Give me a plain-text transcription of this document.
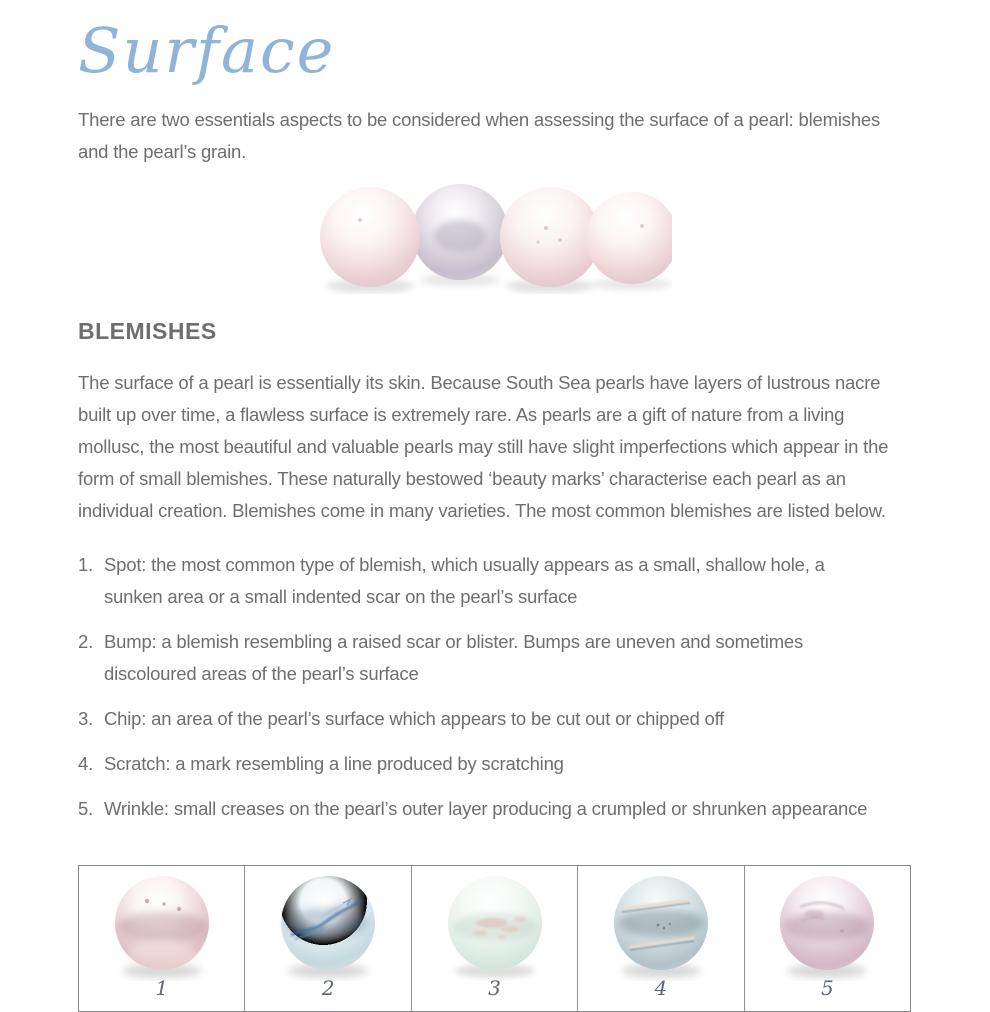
Surface
There are two essentials aspects to be considered when assessing the surface of a pearl: blemishes and the pearl’s grain.
BLEMISHES
The surface of a pearl is essentially its skin. Because South Sea pearls have layers of lustrous nacre built up over time, a flawless surface is extremely rare. As pearls are a gift of nature from a living mollusc, the most beautiful and valuable pearls may still have slight imperfections which appear in the form of small blemishes. These naturally bestowed ‘beauty marks’ characterise each pearl as an individual creation. Blemishes come in many varieties. The most common blemishes are listed below.
1. Spot: the most common type of blemish, which usually appears as a small, shallow hole, a sunken area or a small indented scar on the pearl’s surface
2. Bump: a blemish resembling a raised scar or blister. Bumps are uneven and sometimes discoloured areas of the pearl’s surface
3. Chip: an area of the pearl’s surface which appears to be cut out or chipped off
4. Scratch: a mark resembling a line produced by scratching
5. Wrinkle: small creases on the pearl’s outer layer producing a crumpled or shrunken appearance
1	2	3	4	5
